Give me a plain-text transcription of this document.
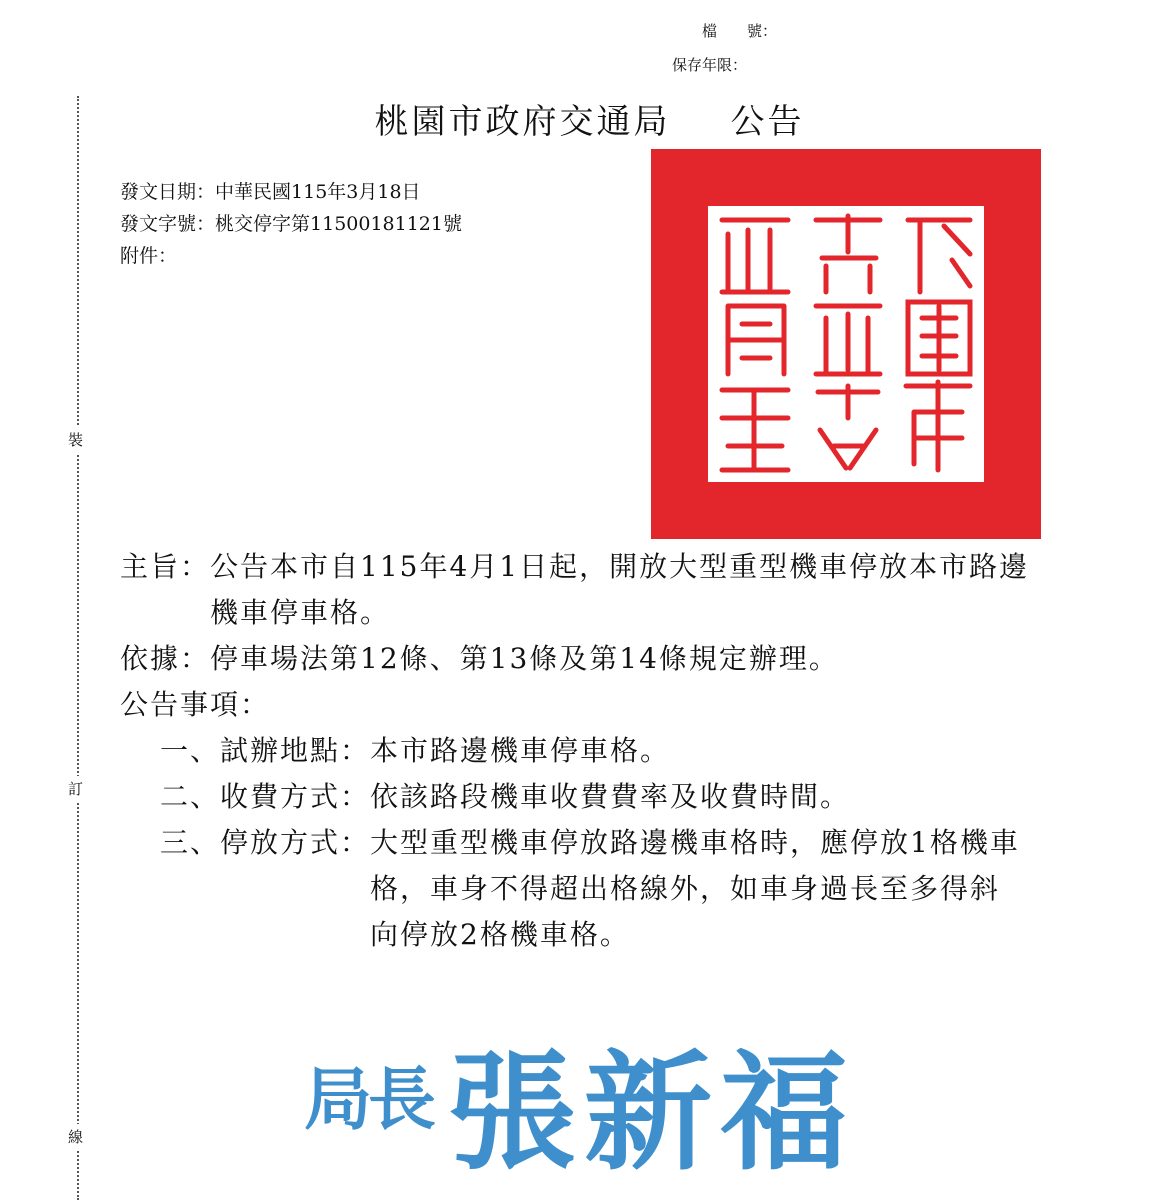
裝
訂
線
檔　　號：
保存年限：
桃園市政府交通局 公告
發文日期： 中華民國115年3月18日
發文字號： 桃交停字第11500181121號
附件：
主旨： 公告本市自115年4月1日起，開放大型重型機車停放本市路邊機車停車格。
依據： 停車場法第12條、第13條及第14條規定辦理。
公告事項：
一、試辦地點： 本市路邊機車停車格。
二、收費方式： 依該路段機車收費費率及收費時間。
三、停放方式： 大型重型機車停放路邊機車格時，應停放1格機車格，車身不得超出格線外，如車身過長至多得斜向停放2格機車格。
局長 張新福
